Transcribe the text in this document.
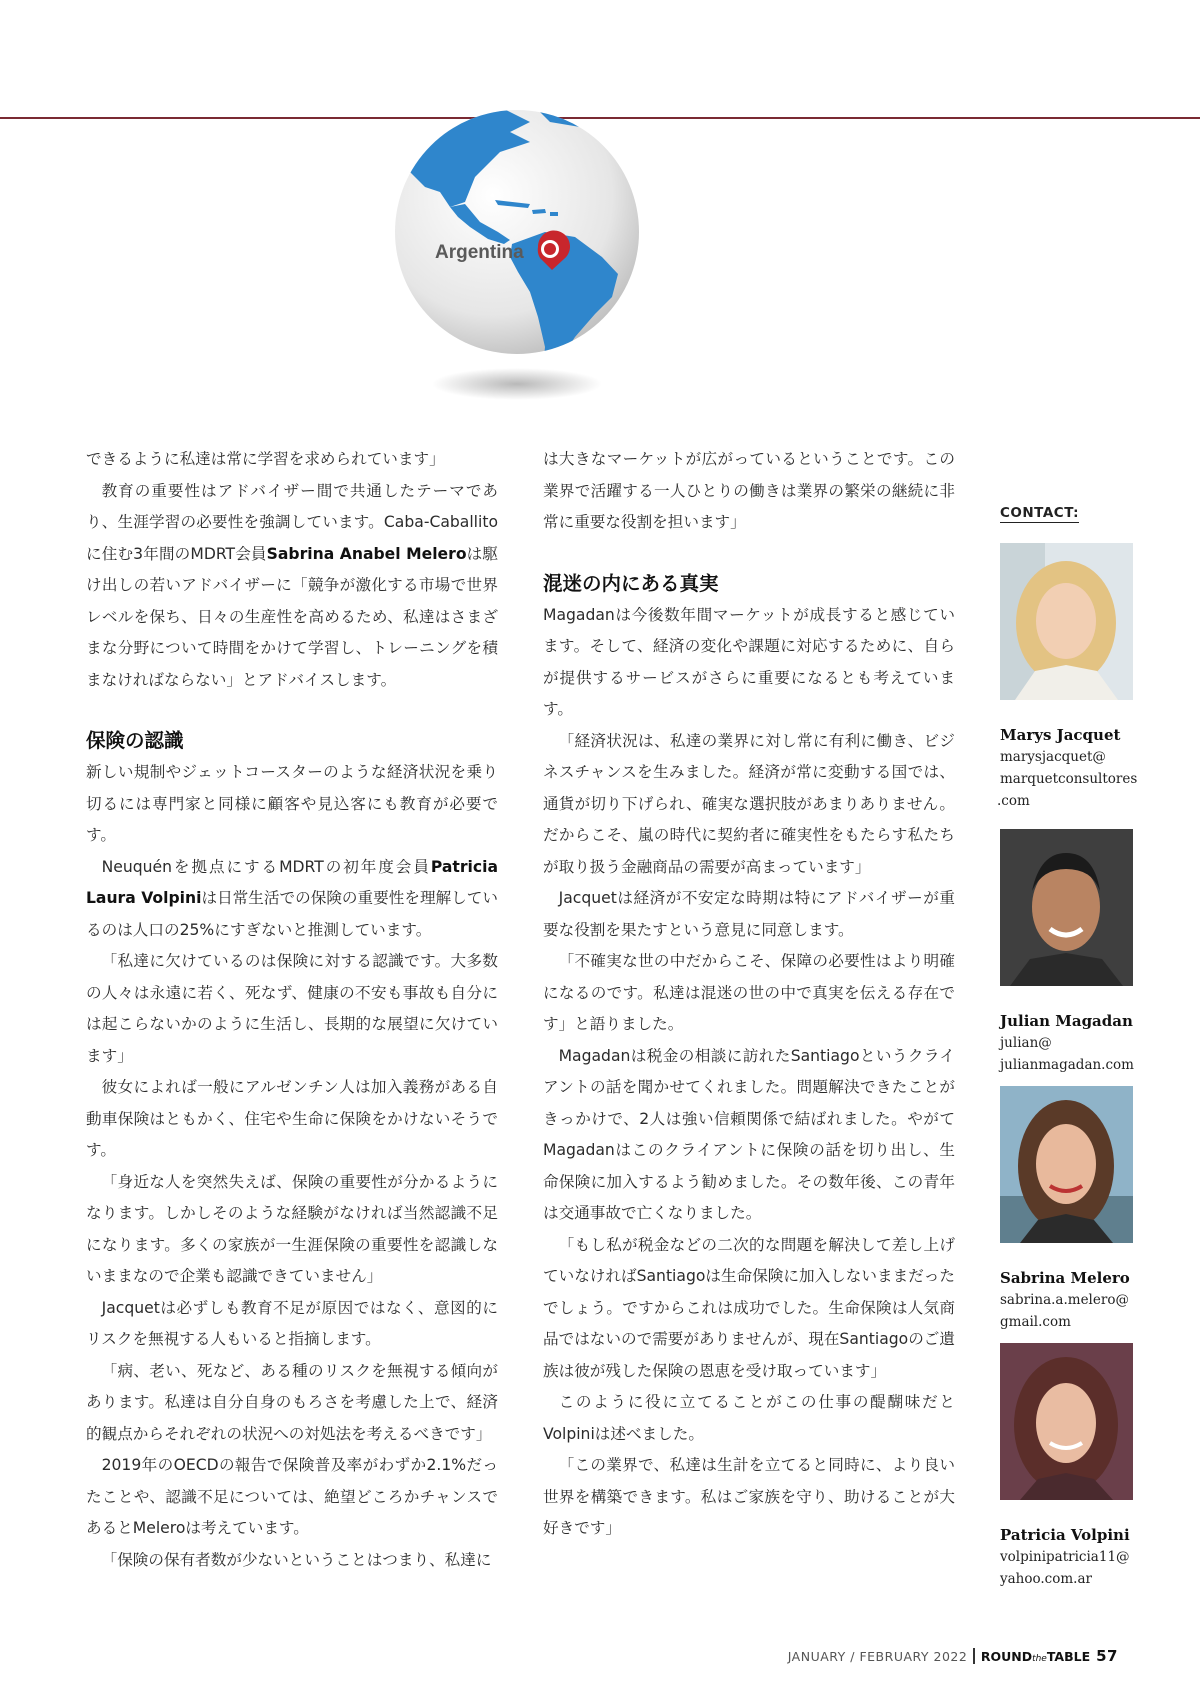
Argentina

できるように私達は常に学習を求められています」

教育の重要性はアドバイザー間で共通したテーマであり、生涯学習の必要性を強調しています。Caba-Caballitoに住む3年間のMDRT会員Sabrina Anabel Meleroは駆け出しの若いアドバイザーに「競争が激化する市場で世界レベルを保ち、日々の生産性を高めるため、私達はさまざまな分野について時間をかけて学習し、トレーニングを積まなければならない」とアドバイスします。

保険の認識

新しい規制やジェットコースターのような経済状況を乗り切るには専門家と同様に顧客や見込客にも教育が必要です。

Neuquénを拠点にするMDRTの初年度会員Patricia Laura Volpiniは日常生活での保険の重要性を理解しているのは人口の25%にすぎないと推測しています。

「私達に欠けているのは保険に対する認識です。大多数の人々は永遠に若く、死なず、健康の不安も事故も自分には起こらないかのように生活し、長期的な展望に欠けています」

彼女によれば一般にアルゼンチン人は加入義務がある自動車保険はともかく、住宅や生命に保険をかけないそうです。

「身近な人を突然失えば、保険の重要性が分かるようになります。しかしそのような経験がなければ当然認識不足になります。多くの家族が一生涯保険の重要性を認識しないままなので企業も認識できていません」

Jacquetは必ずしも教育不足が原因ではなく、意図的にリスクを無視する人もいると指摘します。

「病、老い、死など、ある種のリスクを無視する傾向があります。私達は自分自身のもろさを考慮した上で、経済的観点からそれぞれの状況への対処法を考えるべきです」

2019年のOECDの報告で保険普及率がわずか2.1%だったことや、認識不足については、絶望どころかチャンスであるとMeleroは考えています。

「保険の保有者数が少ないということはつまり、私達に

は大きなマーケットが広がっているということです。この業界で活躍する一人ひとりの働きは業界の繁栄の継続に非常に重要な役割を担います」

混迷の内にある真実

Magadanは今後数年間マーケットが成長すると感じています。そして、経済の変化や課題に対応するために、自らが提供するサービスがさらに重要になるとも考えています。

「経済状況は、私達の業界に対し常に有利に働き、ビジネスチャンスを生みました。経済が常に変動する国では、通貨が切り下げられ、確実な選択肢があまりありません。だからこそ、嵐の時代に契約者に確実性をもたらす私たちが取り扱う金融商品の需要が高まっています」

Jacquetは経済が不安定な時期は特にアドバイザーが重要な役割を果たすという意見に同意します。

「不確実な世の中だからこそ、保障の必要性はより明確になるのです。私達は混迷の世の中で真実を伝える存在です」と語りました。

Magadanは税金の相談に訪れたSantiagoというクライアントの話を聞かせてくれました。問題解決できたことがきっかけで、2人は強い信頼関係で結ばれました。やがてMagadanはこのクライアントに保険の話を切り出し、生命保険に加入するよう勧めました。その数年後、この青年は交通事故で亡くなりました。

「もし私が税金などの二次的な問題を解決して差し上げていなければSantiagoは生命保険に加入しないままだったでしょう。ですからこれは成功でした。生命保険は人気商品ではないので需要がありませんが、現在Santiagoのご遺族は彼が残した保険の恩恵を受け取っています」

このように役に立てることがこの仕事の醍醐味だとVolpiniは述べました。

「この業界で、私達は生計を立てると同時に、より良い世界を構築できます。私はご家族を守り、助けることが大好きです」

CONTACT:
Marys Jacquet
marysjacquet@
marquetconsultores
.com
Julian Magadan
julian@
julianmagadan.com
Sabrina Melero
sabrina.a.melero@
gmail.com
Patricia Volpini
volpinipatricia11@
yahoo.com.ar
JANUARY / FEBRUARY 2022 ROUNDtheTABLE 57
